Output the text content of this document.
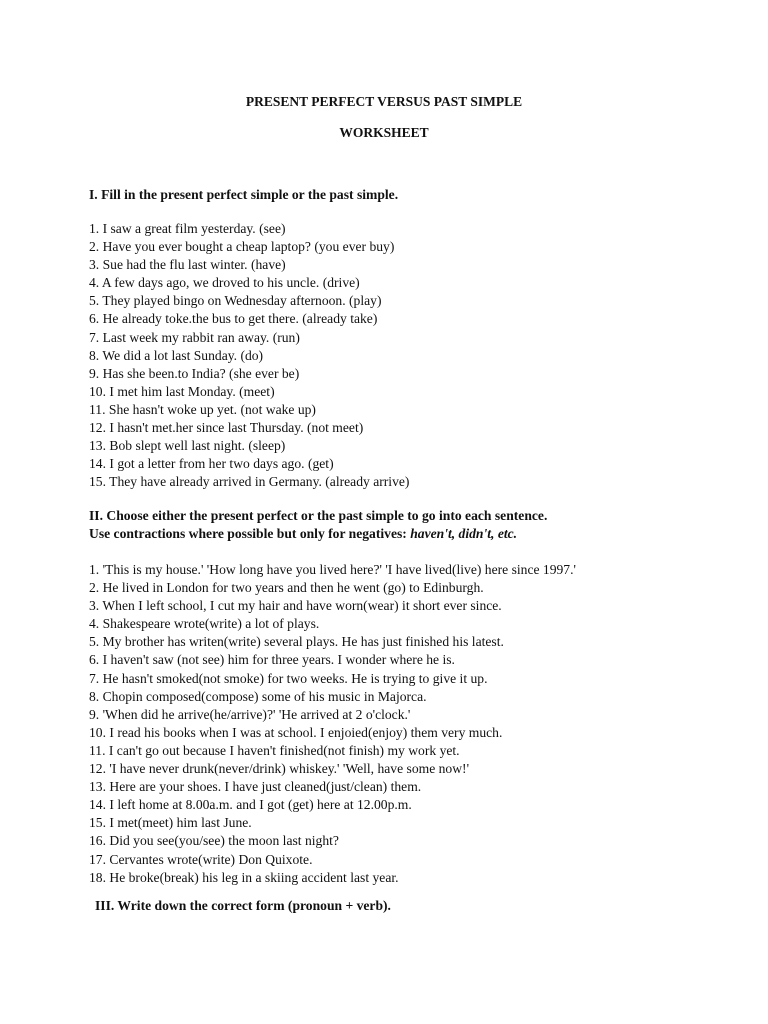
PRESENT PERFECT VERSUS PAST SIMPLE
WORKSHEET

I. Fill in the present perfect simple or the past simple.

1. I saw a great film yesterday. (see)

2. Have you ever bought a cheap laptop? (you ever buy)

3. Sue had the flu last winter. (have)

4. A few days ago, we droved to his uncle. (drive)

5. They played bingo on Wednesday afternoon. (play)

6. He already toke.the bus to get there. (already take)

7. Last week my rabbit ran away. (run)

8. We did a lot last Sunday. (do)

9. Has she been.to India? (she ever be)

10. I met him last Monday. (meet)

11. She hasn't woke up yet. (not wake up)

12. I hasn't met.her since last Thursday. (not meet)

13. Bob slept well last night. (sleep)

14. I got a letter from her two days ago. (get)

15. They have already arrived in Germany. (already arrive)

II. Choose either the present perfect or the past simple to go into each sentence.

Use contractions where possible but only for negatives: haven't, didn't, etc.

1. 'This is my house.' 'How long have you lived here?' 'I have lived(live) here since 1997.'

2. He lived in London for two years and then he went (go) to Edinburgh.

3. When I left school, I cut my hair and have worn(wear) it short ever since.

4. Shakespeare wrote(write) a lot of plays.

5. My brother has writen(write) several plays. He has just finished his latest.

6. I haven't saw (not see) him for three years. I wonder where he is.

7. He hasn't smoked(not smoke) for two weeks. He is trying to give it up.

8. Chopin composed(compose) some of his music in Majorca.

9. 'When did he arrive(he/arrive)?' 'He arrived at 2 o'clock.'

10. I read his books when I was at school. I enjoied(enjoy) them very much.

11. I can't go out because I haven't finished(not finish) my work yet.

12. 'I have never drunk(never/drink) whiskey.' 'Well, have some now!'

13. Here are your shoes. I have just cleaned(just/clean) them.

14. I left home at 8.00a.m. and I got (get) here at 12.00p.m.

15. I met(meet) him last June.

16. Did you see(you/see) the moon last night?

17. Cervantes wrote(write) Don Quixote.

18. He broke(break) his leg in a skiing accident last year.

III. Write down the correct form (pronoun + verb).
